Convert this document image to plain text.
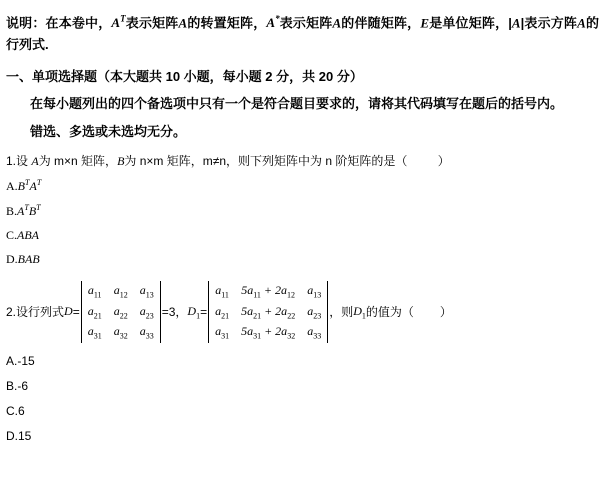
说明：在本卷中，$A^T$表示矩阵A的转置矩阵，A*表示矩阵A的伴随矩阵，E是单位矩阵，|A|表示方阵A的行列式.
一、单项选择题（本大题共 10 小题，每小题 2 分，共 20 分）
在每小题列出的四个备选项中只有一个是符合题目要求的，请将其代码填写在题后的括号内。
错选、多选或未选均无分。
1.设 A为 m×n 矩阵，B为 n×m 矩阵，m≠n，则下列矩阵中为 n 阶矩阵的是（	）
$A.B^TA^T$
$B.A^TB^T$
C.ABA
D.BAB
2.设行列式 D =
$a_{11}$	$a_{12}$	$a_{13}$
$a_{21}$	$a_{22}$	$a_{23}$
$a_{31}$	$a_{32}$	$a_{33}$
=3， $D_1$ =
$a_{11}$	$5a_{11} + 2a_{12}$	$a_{13}$
$a_{21}$	$5a_{21} + 2a_{22}$	$a_{23}$
$a_{31}$	$5a_{31} + 2a_{32}$	$a_{33}$
，则 $D_1$ 的值为（
）
A.-15
B.-6
C.6
D.15
